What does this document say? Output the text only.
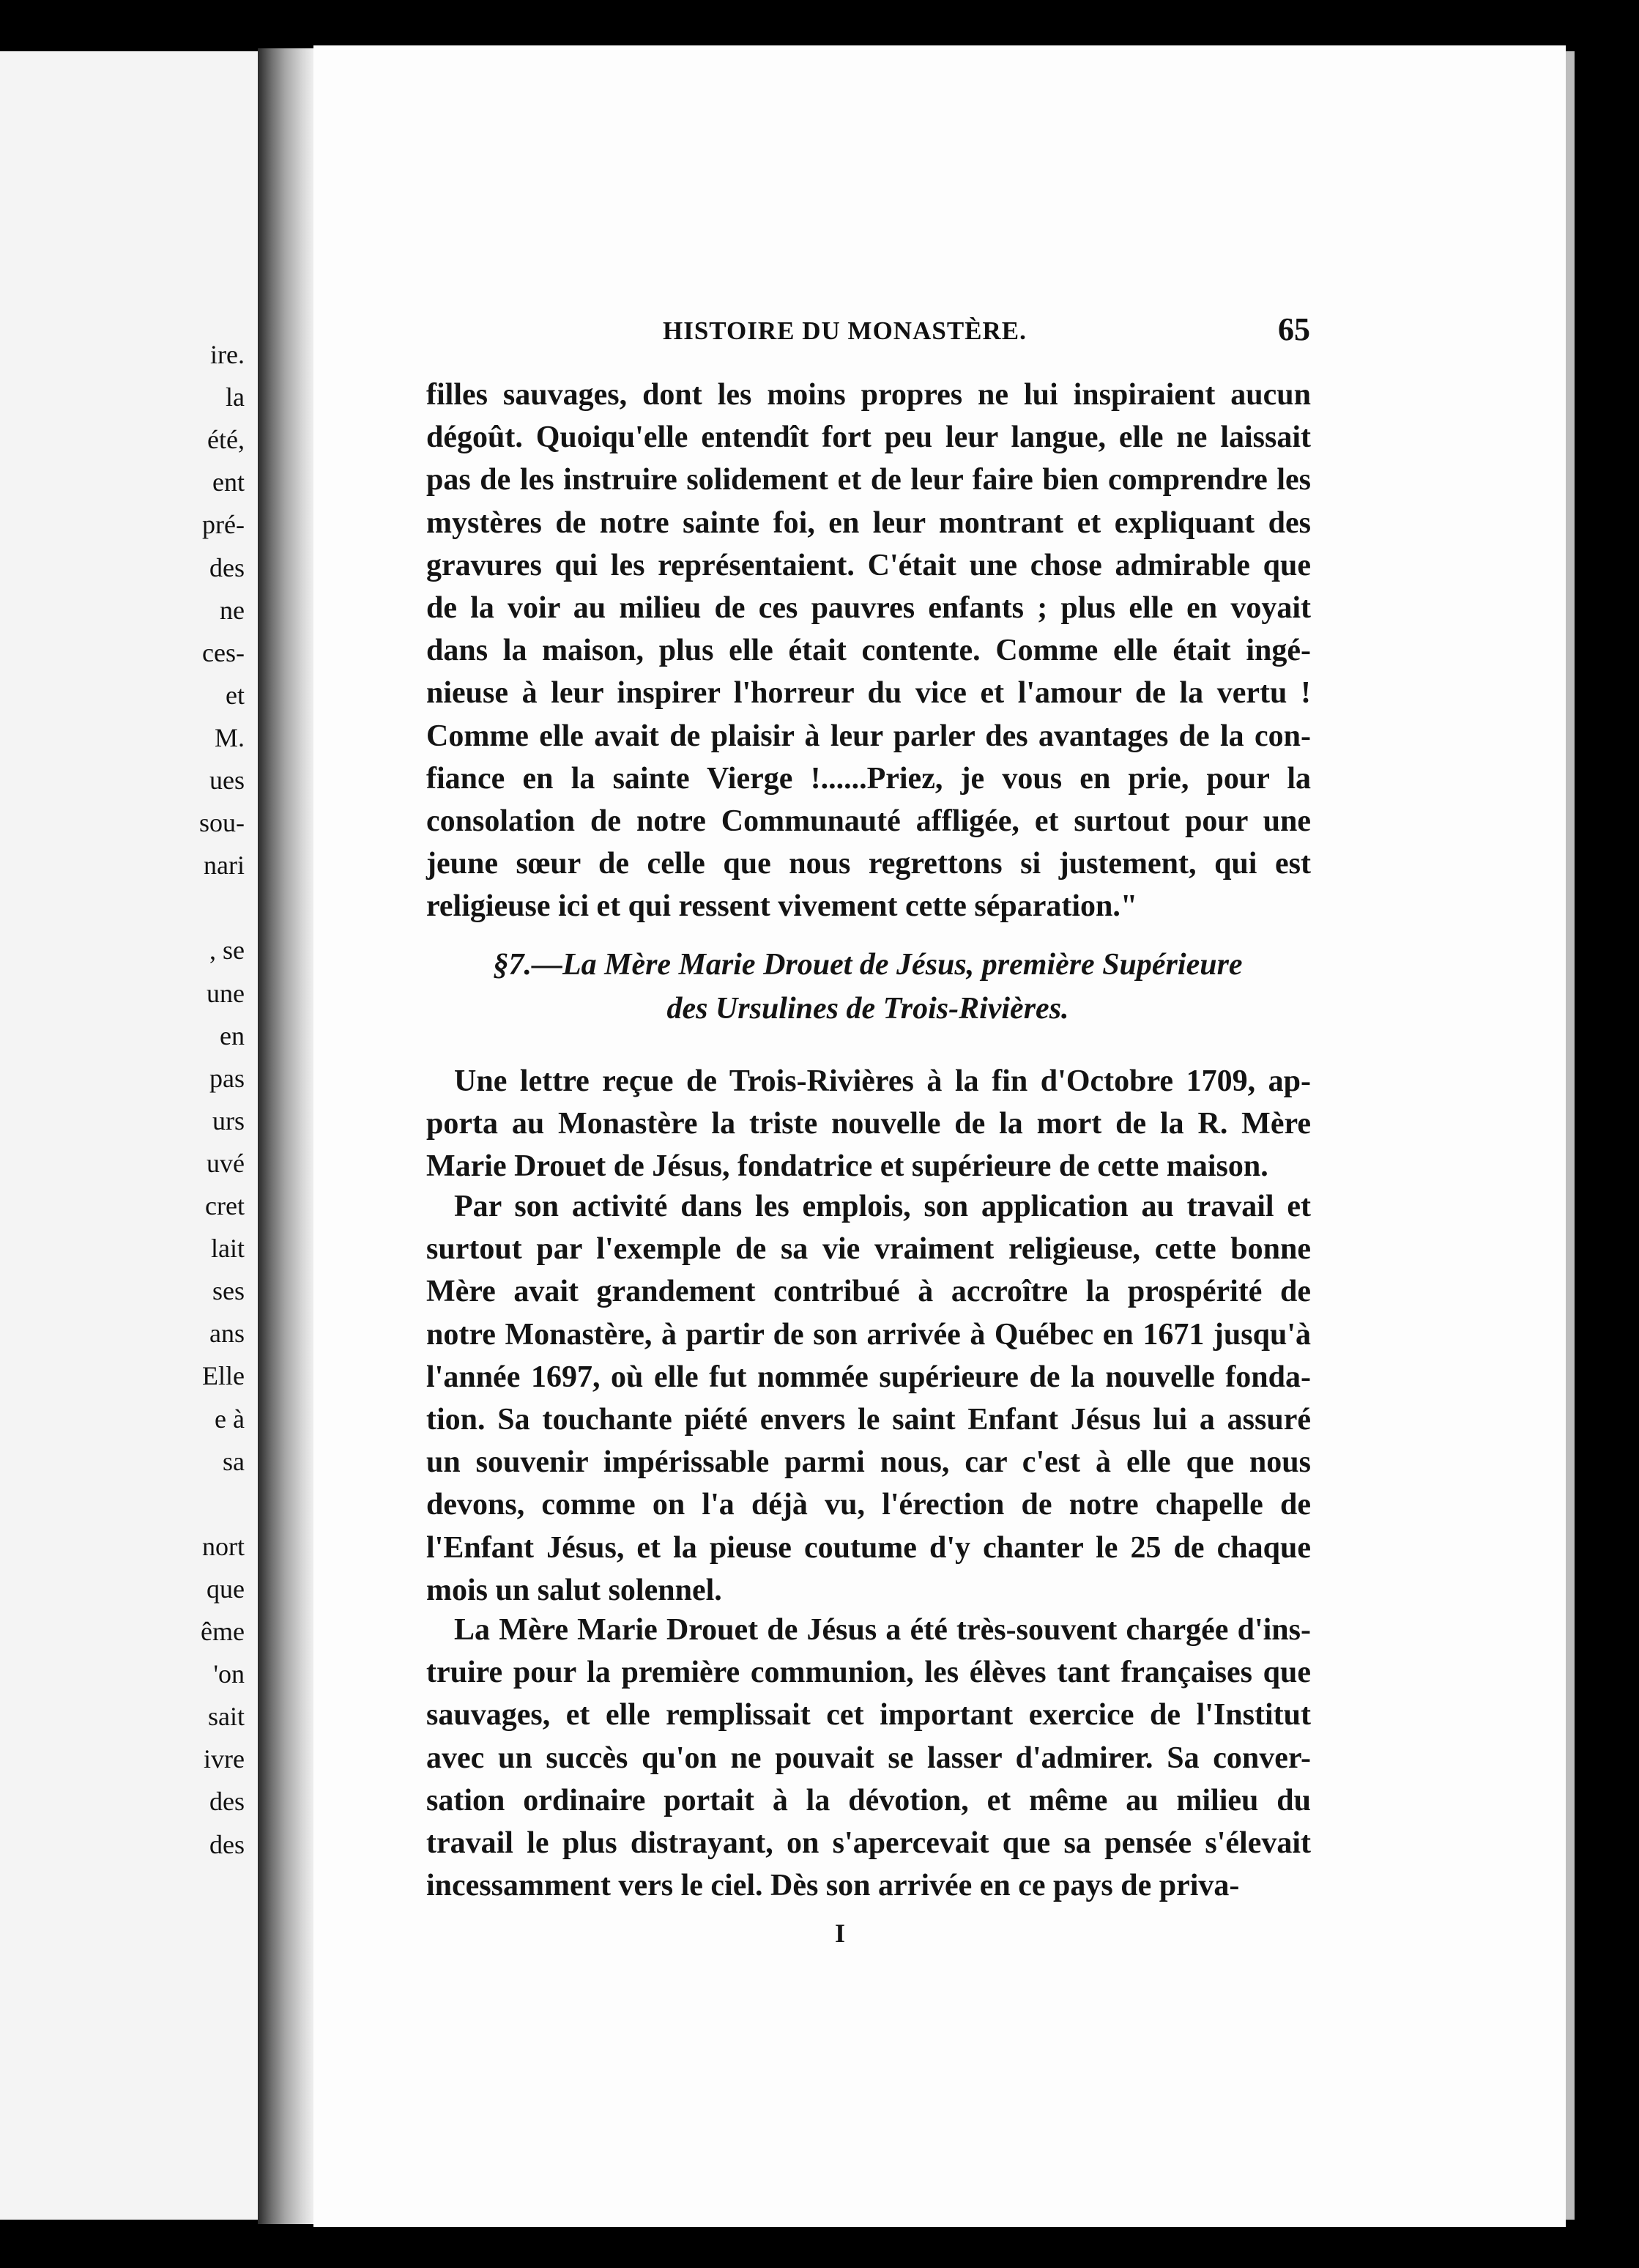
ire.
la
été,
ent
pré-
des
ne
ces-
et
M.
ues
sou-
nari
, se
une
en
pas
urs
uvé
cret
lait
ses
ans
Elle
e à
sa
nort
que
ême
'on
sait
ivre
des
des
HISTOIRE DU MONASTÈRE.	65
filles sauvages, dont les moins propres ne lui inspiraient aucun
dégoût. Quoiqu'elle entendît fort peu leur langue, elle ne laissait
pas de les instruire solidement et de leur faire bien comprendre les
mystères de notre sainte foi, en leur montrant et expliquant des
gravures qui les représentaient. C'était une chose admirable que
de la voir au milieu de ces pauvres enfants ; plus elle en voyait
dans la maison, plus elle était contente. Comme elle était ingé-
nieuse à leur inspirer l'horreur du vice et l'amour de la vertu !
Comme elle avait de plaisir à leur parler des avantages de la con-
fiance en la sainte Vierge !......Priez, je vous en prie, pour la
consolation de notre Communauté affligée, et surtout pour une
jeune sœur de celle que nous regrettons si justement, qui est
religieuse ici et qui ressent vivement cette séparation."
§7.—La Mère Marie Drouet de Jésus, première Supérieure
des Ursulines de Trois-Rivières.
Une lettre reçue de Trois-Rivières à la fin d'Octobre 1709, ap-
porta au Monastère la triste nouvelle de la mort de la R. Mère
Marie Drouet de Jésus, fondatrice et supérieure de cette maison.
Par son activité dans les emplois, son application au travail et
surtout par l'exemple de sa vie vraiment religieuse, cette bonne
Mère avait grandement contribué à accroître la prospérité de
notre Monastère, à partir de son arrivée à Québec en 1671 jusqu'à
l'année 1697, où elle fut nommée supérieure de la nouvelle fonda-
tion. Sa touchante piété envers le saint Enfant Jésus lui a assuré
un souvenir impérissable parmi nous, car c'est à elle que nous
devons, comme on l'a déjà vu, l'érection de notre chapelle de
l'Enfant Jésus, et la pieuse coutume d'y chanter le 25 de chaque
mois un salut solennel.
La Mère Marie Drouet de Jésus a été très-souvent chargée d'ins-
truire pour la première communion, les élèves tant françaises que
sauvages, et elle remplissait cet important exercice de l'Institut
avec un succès qu'on ne pouvait se lasser d'admirer. Sa conver-
sation ordinaire portait à la dévotion, et même au milieu du
travail le plus distrayant, on s'apercevait que sa pensée s'élevait
incessamment vers le ciel. Dès son arrivée en ce pays de priva-
I
